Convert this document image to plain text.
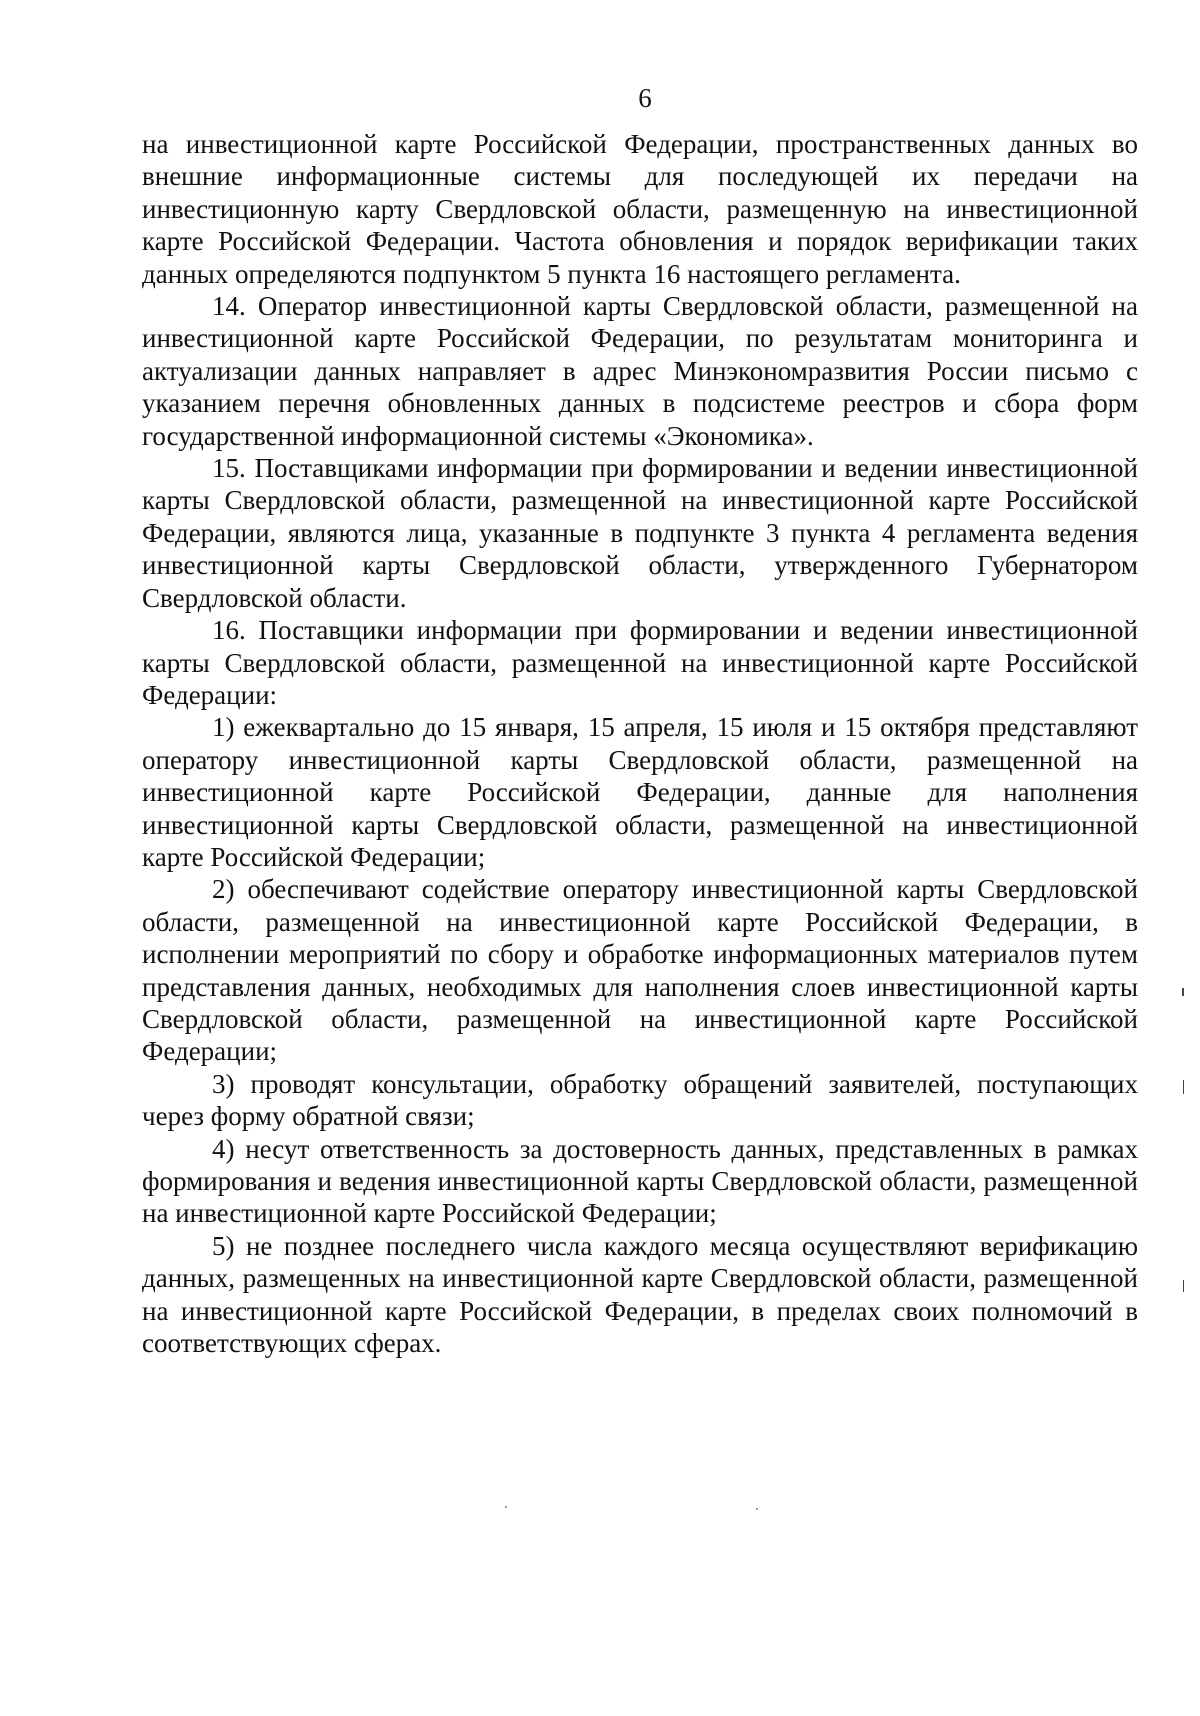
6

на инвестиционной карте Российской Федерации, пространственных данных во внешние информационные системы для последующей их передачи на инвестиционную карту Свердловской области, размещенную на инвестиционной карте Российской Федерации. Частота обновления и порядок верификации таких данных определяются подпунктом 5 пункта 16 настоящего регламента.

14. Оператор инвестиционной карты Свердловской области, размещенной на инвестиционной карте Российской Федерации, по результатам мониторинга и актуализации данных направляет в адрес Минэкономразвития России письмо с указанием перечня обновленных данных в подсистеме реестров и сбора форм государственной информационной системы «Экономика».

15. Поставщиками информации при формировании и ведении инвестиционной карты Свердловской области, размещенной на инвестиционной карте Российской Федерации, являются лица, указанные в подпункте 3 пункта 4 регламента ведения инвестиционной карты Свердловской области, утвержденного Губернатором Свердловской области.

16. Поставщики информации при формировании и ведении инвестиционной карты Свердловской области, размещенной на инвестиционной карте Российской Федерации:

1) ежеквартально до 15 января, 15 апреля, 15 июля и 15 октября представляют оператору инвестиционной карты Свердловской области, размещенной на инвестиционной карте Российской Федерации, данные для наполнения инвестиционной карты Свердловской области, размещенной на инвестиционной карте Российской Федерации;

2) обеспечивают содействие оператору инвестиционной карты Свердловской области, размещенной на инвестиционной карте Российской Федерации, в исполнении мероприятий по сбору и обработке информационных материалов путем представления данных, необходимых для наполнения слоев инвестиционной карты Свердловской области, размещенной на инвестиционной карте Российской Федерации;

3) проводят консультации, обработку обращений заявителей, поступающих через форму обратной связи;

4) несут ответственность за достоверность данных, представленных в рамках формирования и ведения инвестиционной карты Свердловской области, размещенной на инвестиционной карте Российской Федерации;

5) не позднее последнего числа каждого месяца осуществляют верификацию данных, размещенных на инвестиционной карте Свердловской области, размещенной на инвестиционной карте Российской Федерации, в пределах своих полномочий в соответствующих сферах.
